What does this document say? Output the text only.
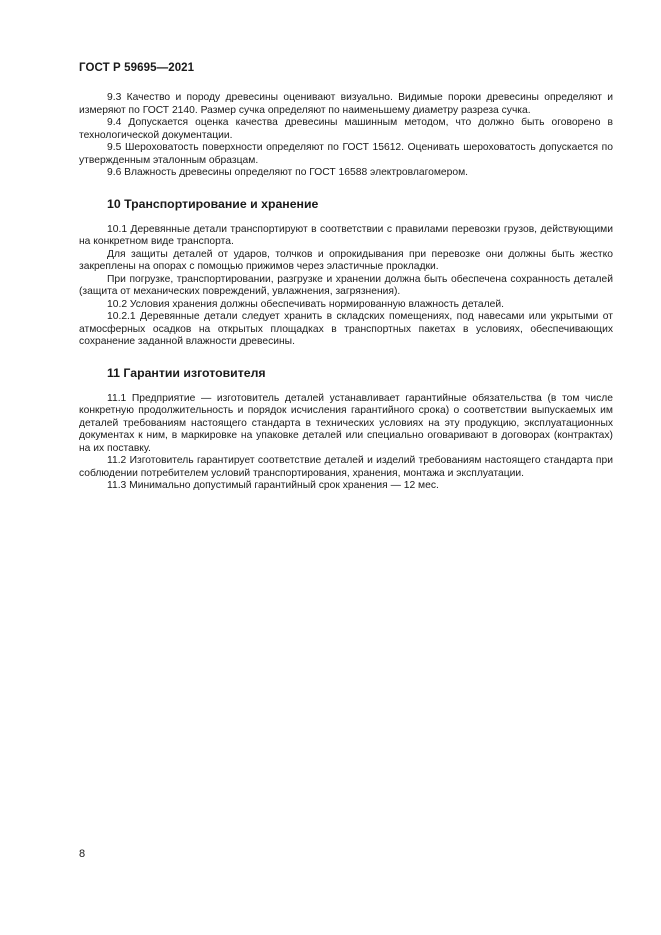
ГОСТ Р 59695—2021

9.3 Качество и породу древесины оценивают визуально. Видимые пороки древесины определяют и измеряют по ГОСТ 2140. Размер сучка определяют по наименьшему диаметру разреза сучка.

9.4 Допускается оценка качества древесины машинным методом, что должно быть оговорено в технологической документации.

9.5 Шероховатость поверхности определяют по ГОСТ 15612. Оценивать шероховатость допускается по утвержденным эталонным образцам.

9.6 Влажность древесины определяют по ГОСТ 16588 электровлагомером.

10 Транспортирование и хранение

10.1 Деревянные детали транспортируют в соответствии с правилами перевозки грузов, действующими на конкретном виде транспорта.

Для защиты деталей от ударов, толчков и опрокидывания при перевозке они должны быть жестко закреплены на опорах с помощью прижимов через эластичные прокладки.

При погрузке, транспортировании, разгрузке и хранении должна быть обеспечена сохранность деталей (защита от механических повреждений, увлажнения, загрязнения).

10.2 Условия хранения должны обеспечивать нормированную влажность деталей.

10.2.1 Деревянные детали следует хранить в складских помещениях, под навесами или укрытыми от атмосферных осадков на открытых площадках в транспортных пакетах в условиях, обеспечивающих сохранение заданной влажности древесины.

11 Гарантии изготовителя

11.1 Предприятие — изготовитель деталей устанавливает гарантийные обязательства (в том числе конкретную продолжительность и порядок исчисления гарантийного срока) о соответствии выпускаемых им деталей требованиям настоящего стандарта в технических условиях на эту продукцию, эксплуатационных документах к ним, в маркировке на упаковке деталей или специально оговаривают в договорах (контрактах) на их поставку.

11.2 Изготовитель гарантирует соответствие деталей и изделий требованиям настоящего стандарта при соблюдении потребителем условий транспортирования, хранения, монтажа и эксплуатации.

11.3 Минимально допустимый гарантийный срок хранения — 12 мес.

8
